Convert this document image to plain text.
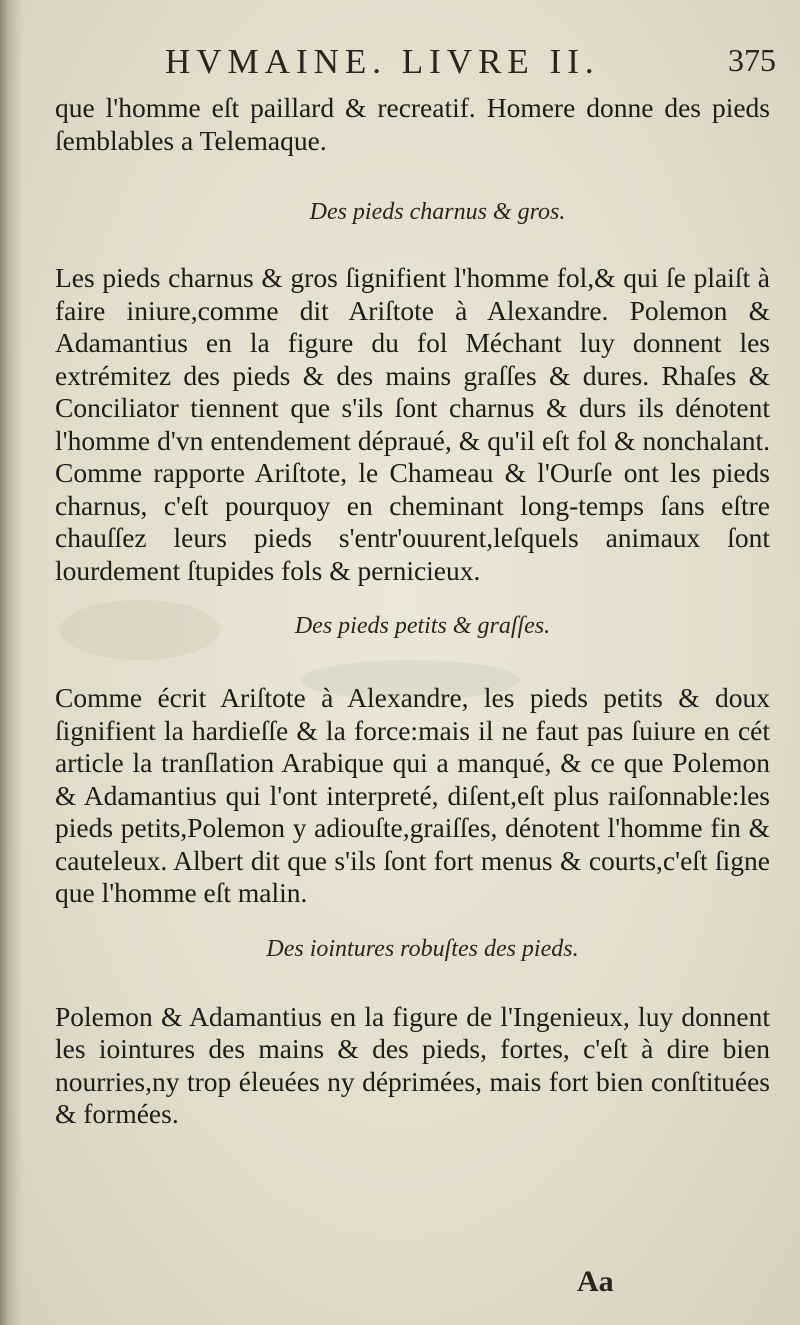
HVMAINE. LIVRE II.	375

que l'homme eſt paillard & recreatif. Homere donne des pieds ſemblables a Telemaque.

Des pieds charnus & gros.

Les pieds charnus & gros ſignifient l'homme fol,& qui ſe plaiſt à faire iniure,comme dit Ariſtote à Alexandre. Polemon & Adamantius en la figure du fol Méchant luy donnent les extrémitez des pieds & des mains graſſes & dures. Rhaſes & Conciliator tiennent que s'ils ſont charnus & durs ils dénotent l'homme d'vn entendement dépraué, & qu'il eſt fol & nonchalant. Comme rapporte Ariſtote, le Chameau & l'Ourſe ont les pieds charnus, c'eſt pourquoy en cheminant long-temps ſans eſtre chauſſez leurs pieds s'entr'ouurent,leſquels animaux ſont lourdement ſtupides fols & pernicieux.

Des pieds petits & graſſes.

Comme écrit Ariſtote à Alexandre, les pieds petits & doux ſignifient la hardieſſe & la force:mais il ne faut pas ſuiure en cét article la tranſlation Arabique qui a manqué, & ce que Polemon & Adamantius qui l'ont interpreté, diſent,eſt plus raiſonnable:les pieds petits,Polemon y adiouſte,graiſſes, dénotent l'homme fin & cauteleux. Albert dit que s'ils ſont fort menus & courts,c'eſt ſigne que l'homme eſt malin.

Des iointures robuſtes des pieds.

Polemon & Adamantius en la figure de l'Ingenieux, luy donnent les iointures des mains & des pieds, fortes, c'eſt à dire bien nourries,ny trop éleuées ny déprimées, mais fort bien conſtituées & formées.

Aa
